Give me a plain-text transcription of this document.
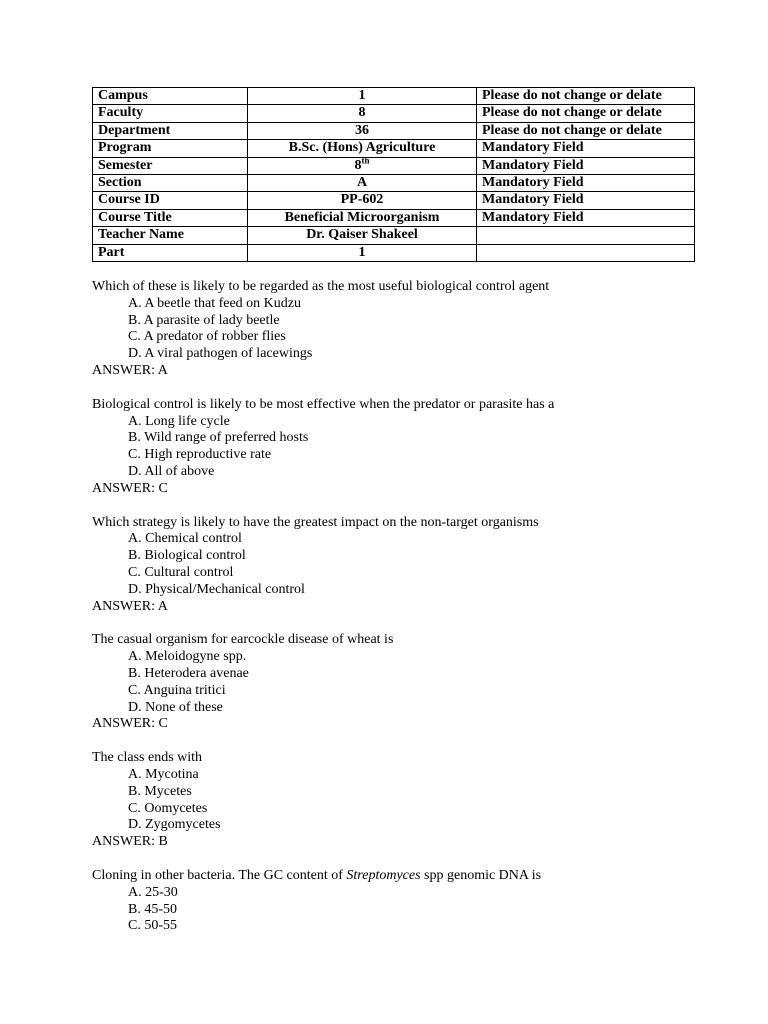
Campus	1	Please do not change or delate
Faculty	8	Please do not change or delate
Department	36	Please do not change or delate
Program	B.Sc. (Hons) Agriculture	Mandatory Field
Semester	8th	Mandatory Field
Section	A	Mandatory Field
Course ID	PP-602	Mandatory Field
Course Title	Beneficial Microorganism	Mandatory Field
Teacher Name	Dr. Qaiser Shakeel	
Part	1	
Which of these is likely to be regarded as the most useful biological control agent
A. A beetle that feed on Kudzu
B. A parasite of lady beetle
C. A predator of robber flies
D. A viral pathogen of lacewings
ANSWER: A
Biological control is likely to be most effective when the predator or parasite has a
A. Long life cycle
B. Wild range of preferred hosts
C. High reproductive rate
D. All of above
ANSWER: C
Which strategy is likely to have the greatest impact on the non-target organisms
A. Chemical control
B. Biological control
C. Cultural control
D. Physical/Mechanical control
ANSWER: A
The casual organism for earcockle disease of wheat is
A. Meloidogyne spp.
B. Heterodera avenae
C. Anguina tritici
D. None of these
ANSWER: C
The class ends with
A. Mycotina
B. Mycetes
C. Oomycetes
D. Zygomycetes
ANSWER: B
Cloning in other bacteria. The GC content of Streptomyces spp genomic DNA is
A. 25-30
B. 45-50
C. 50-55
